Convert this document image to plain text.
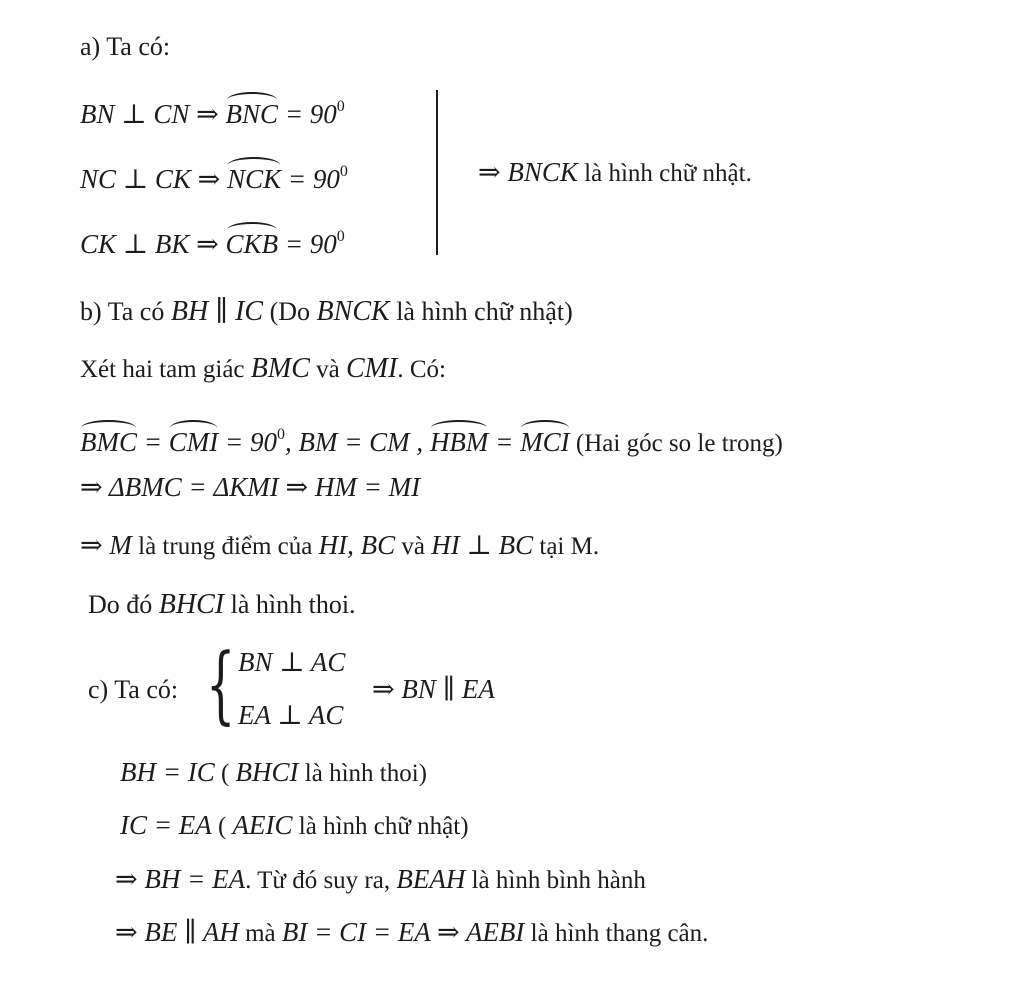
a) Ta có:
BN ⊥ CN ⇒ BNC = $90^0$
NC ⊥ CK ⇒ NCK = $90^0$
CK ⊥ BK ⇒ CKB = $90^0$
⇒ BNCK là hình chữ nhật.
b) Ta có BH ∥ IC (Do BNCK là hình chữ nhật)
Xét hai tam giác BMC và CMI. Có:
BMC = CMI = $90^0$, BM = CM , HBM = MCI (Hai góc so le trong)
⇒ ΔBMC = ΔKMI ⇒ HM = MI
⇒ M là trung điểm của HI, BC và HI ⊥ BC tại M.
Do đó BHCI là hình thoi.
c) Ta có: { BN ⊥ AC
EA ⊥ AC
⇒ BN ∥ EA
BH = IC ( BHCI là hình thoi)
IC = EA ( AEIC là hình chữ nhật)
⇒ BH = EA. Từ đó suy ra, BEAH là hình bình hành
⇒ BE ∥ AH mà BI = CI = EA ⇒ AEBI là hình thang cân.
